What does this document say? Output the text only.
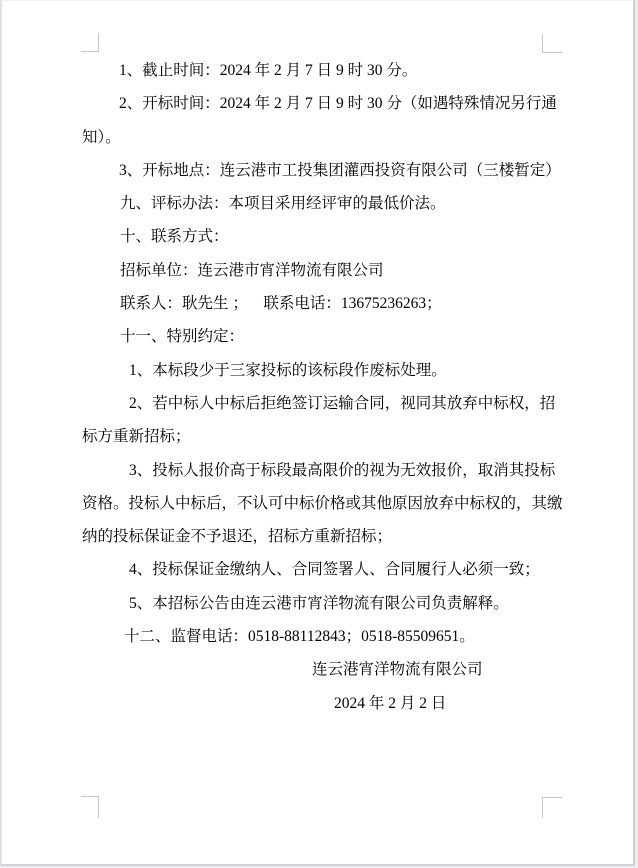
1、截止时间：2024 年 2 月 7 日 9 时 30 分。

2、开标时间：2024 年 2 月 7 日 9 时 30 分（如遇特殊情况另行通知）。

3、开标地点：连云港市工投集团灌西投资有限公司（三楼暂定）

九、评标办法：本项目采用经评审的最低价法。

十、联系方式：

招标单位：连云港市宵洋物流有限公司

联系人：耿先生 ；    联系电话：13675236263；

十一、特别约定：

1、本标段少于三家投标的该标段作废标处理。

2、若中标人中标后拒绝签订运输合同，视同其放弃中标权，招标方重新招标；

3、投标人报价高于标段最高限价的视为无效报价，取消其投标资格。投标人中标后，不认可中标价格或其他原因放弃中标权的，其缴纳的投标保证金不予退还，招标方重新招标；

4、投标保证金缴纳人、合同签署人、合同履行人必须一致；

5、本招标公告由连云港市宵洋物流有限公司负责解释。

十二、监督电话：0518-88112843；0518-85509651。

连云港宵洋物流有限公司

2024 年 2 月 2 日
